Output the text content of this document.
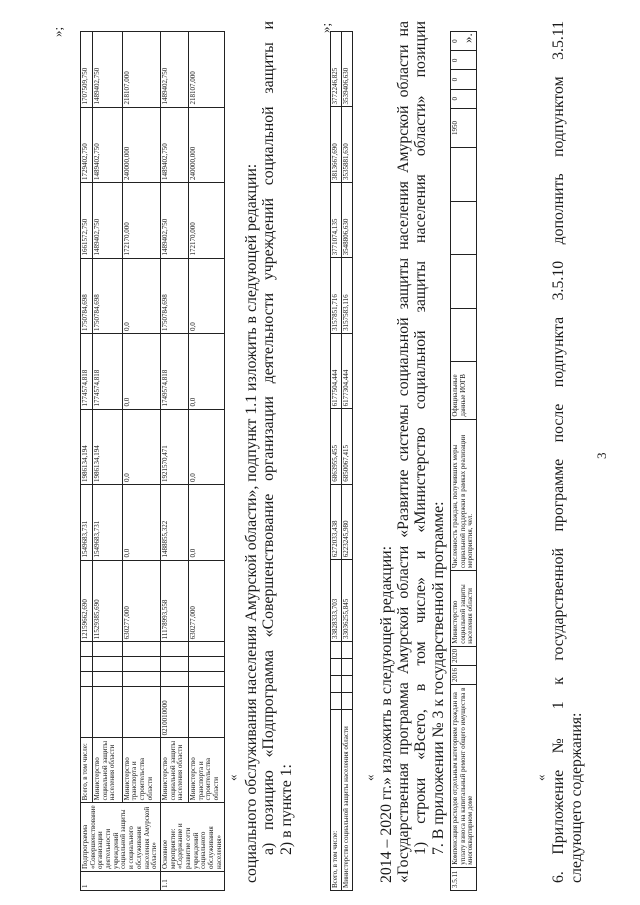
3
6. Приложение № 1 к государственной программе после подпункта 3.5.10 дополнить подпунктом 3.5.11 следующего содержания:
«
3.5.11	Компенсация расходов отдельным категориям граждан на уплату взноса на капитальный ремонт общего имущества в многоквартирном доме	2016	2020	Министерство социальной защиты населения области	Численность граждан, получивших меры социальной поддержки в рамках реализации мероприятия, чел.	Официальные данные ИОГВ					1950	0	0	0	0 ».
7. В приложении № 3 к государственной программе:
1) строки «Всего, в том числе» и «Министерство социальной защиты населения области» позиции
«Государственная программа Амурской области «Развитие системы социальной защиты населения Амурской области на
2014 – 2020 гг.» изложить в следующей редакции:
«
Всего, в том числе:					33828333,703	6272033,438	6863955,455	6177504,444	3157851,716	3771074,135	3813667,690	3772246,825
Министерство социальной защиты населения области					33036255,845	6223245,980	6850067,415	6177304,444	3157583,116	3548806,630	3535881,630	3539406,630
»;
2) в пункте 1:
а) позицию «Подпрограмма «Совершенствование организации деятельности учреждений социальной защиты и
социального обслуживания населения Амурской области», подпункт 1.1 изложить в следующей редакции:
«
1	Подпрограмма «Совершенствование организации деятельности учреждений социальной защиты и социального обслуживания населения Амурской области»	Всего, в том числе:					12159662,690	1549683,731	1986134,194	1774574,818	1750784,698	1661572,750	1729402,750	1707509,750
		Министерство социальной защиты населения области					11529385,690	1549683,731	1986134,194	1774574,818	1750784,698	1489402,750	1489402,750	1489402,750
		Министерство транспорта и строительства области					630277,000	0,0	0,0	0,0	0,0	172170,000	240000,000	218107,000
1.1	Основное мероприятие: «Содержание и развитие сети учреждений социального обслуживания населения»	Министерство социальной защиты населения области	0210010000				11178993,558	1488855,322	1921570,471	1749574,818	1750784,698	1489402,750	1489402,750	1489402,750
		Министерство транспорта и строительства области					630277,000	0,0	0,0	0,0	0,0	172170,000	240000,000	218107,000
»;
